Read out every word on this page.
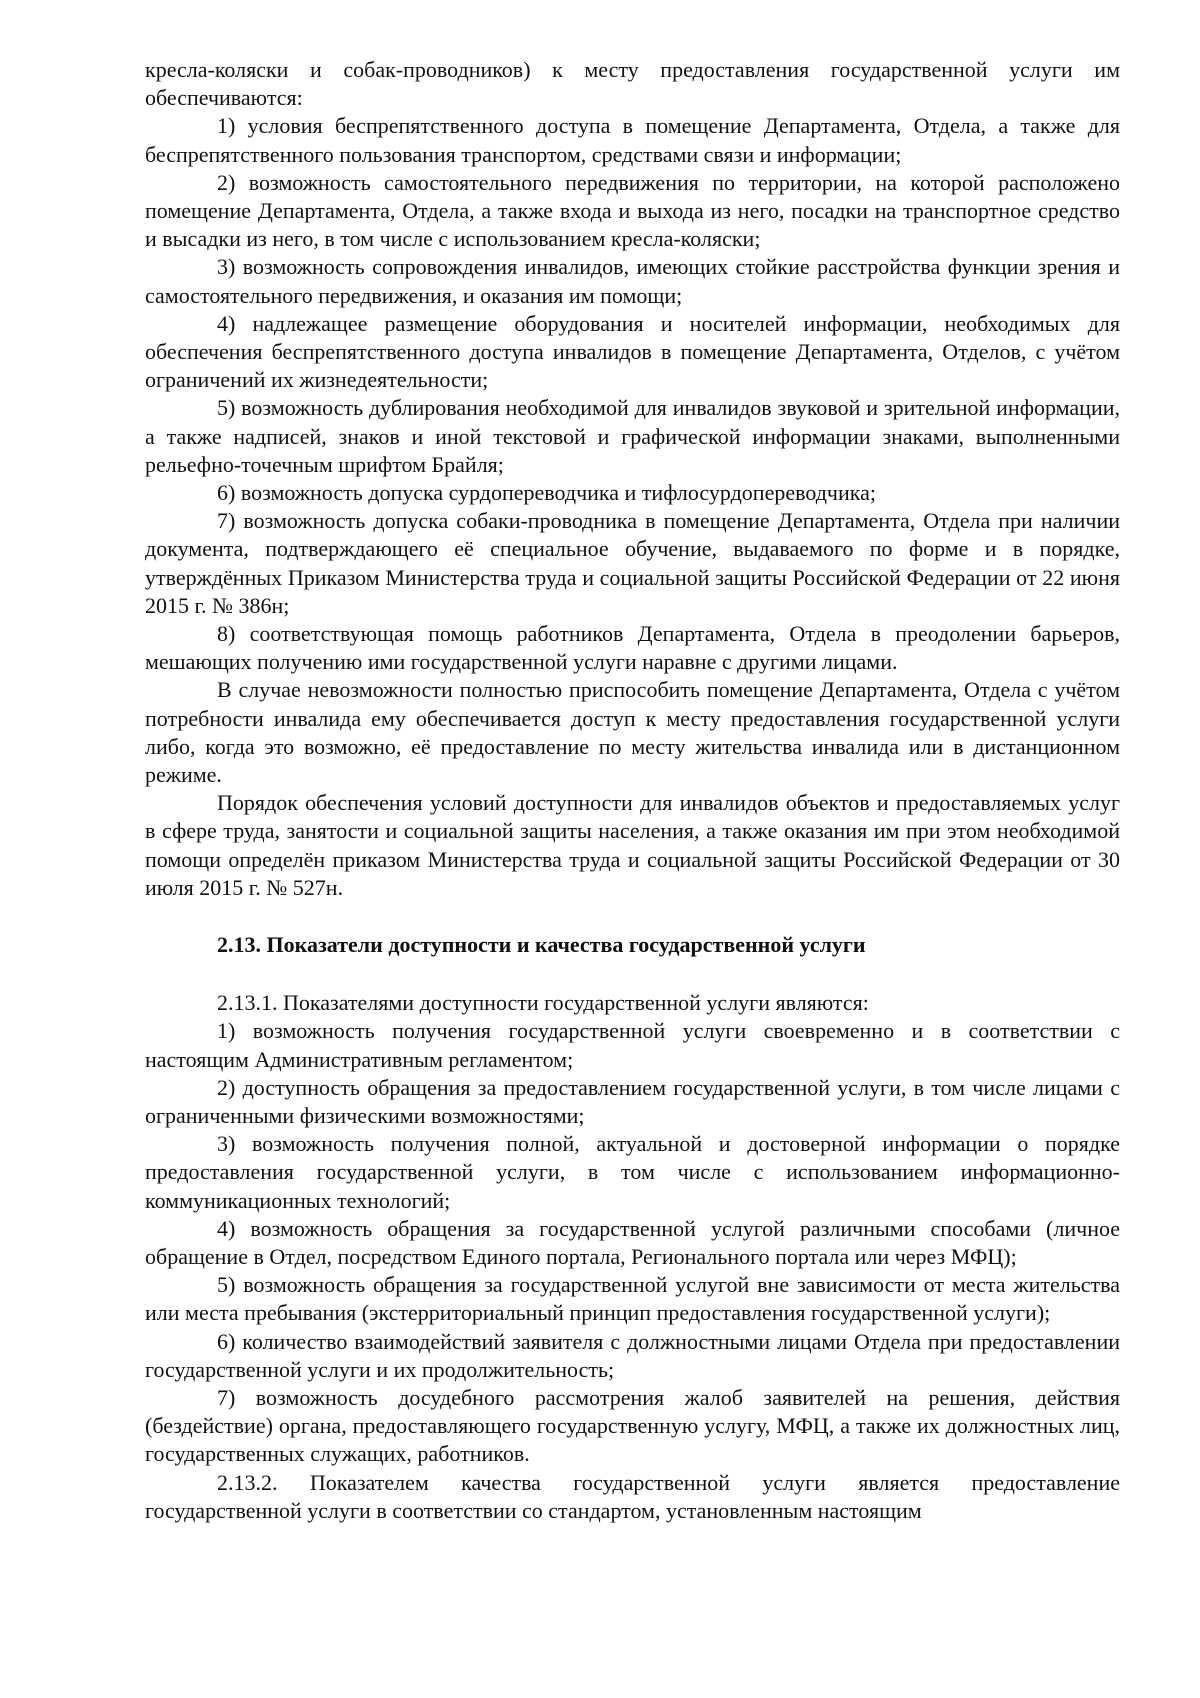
кресла-коляски и собак-проводников) к месту предоставления государственной услуги им обеспечиваются:

1) условия беспрепятственного доступа в помещение Департамента, Отдела, а также для беспрепятственного пользования транспортом, средствами связи и информации;

2) возможность самостоятельного передвижения по территории, на которой расположено помещение Департамента, Отдела, а также входа и выхода из него, посадки на транспортное средство и высадки из него, в том числе с использованием кресла-коляски;

3) возможность сопровождения инвалидов, имеющих стойкие расстройства функции зрения и самостоятельного передвижения, и оказания им помощи;

4) надлежащее размещение оборудования и носителей информации, необходимых для обеспечения беспрепятственного доступа инвалидов в помещение Департамента, Отделов, с учётом ограничений их жизнедеятельности;

5) возможность дублирования необходимой для инвалидов звуковой и зрительной информации, а также надписей, знаков и иной текстовой и графической информации знаками, выполненными рельефно-точечным шрифтом Брайля;

6) возможность допуска сурдопереводчика и тифлосурдопереводчика;

7) возможность допуска собаки-проводника в помещение Департамента, Отдела при наличии документа, подтверждающего её специальное обучение, выдаваемого по форме и в порядке, утверждённых Приказом Министерства труда и социальной защиты Российской Федерации от 22 июня 2015 г. № 386н;

8) соответствующая помощь работников Департамента, Отдела в преодолении барьеров, мешающих получению ими государственной услуги наравне с другими лицами.

В случае невозможности полностью приспособить помещение Департамента, Отдела с учётом потребности инвалида ему обеспечивается доступ к месту предоставления государственной услуги либо, когда это возможно, её предоставление по месту жительства инвалида или в дистанционном режиме.

Порядок обеспечения условий доступности для инвалидов объектов и предоставляемых услуг в сфере труда, занятости и социальной защиты населения, а также оказания им при этом необходимой помощи определён приказом Министерства труда и социальной защиты Российской Федерации от 30 июля 2015 г. № 527н.

2.13. Показатели доступности и качества государственной услуги

2.13.1. Показателями доступности государственной услуги являются:

1) возможность получения государственной услуги своевременно и в соответствии с настоящим Административным регламентом;

2) доступность обращения за предоставлением государственной услуги, в том числе лицами с ограниченными физическими возможностями;

3) возможность получения полной, актуальной и достоверной информации о порядке предоставления государственной услуги, в том числе с использованием информационно-коммуникационных технологий;

4) возможность обращения за государственной услугой различными способами (личное обращение в Отдел, посредством Единого портала, Регионального портала или через МФЦ);

5) возможность обращения за государственной услугой вне зависимости от места жительства или места пребывания (экстерриториальный принцип предоставления государственной услуги);

6) количество взаимодействий заявителя с должностными лицами Отдела при предоставлении государственной услуги и их продолжительность;

7) возможность досудебного рассмотрения жалоб заявителей на решения, действия (бездействие) органа, предоставляющего государственную услугу, МФЦ, а также их должностных лиц, государственных служащих, работников.

2.13.2. Показателем качества государственной услуги является предоставление государственной услуги в соответствии со стандартом, установленным настоящим
